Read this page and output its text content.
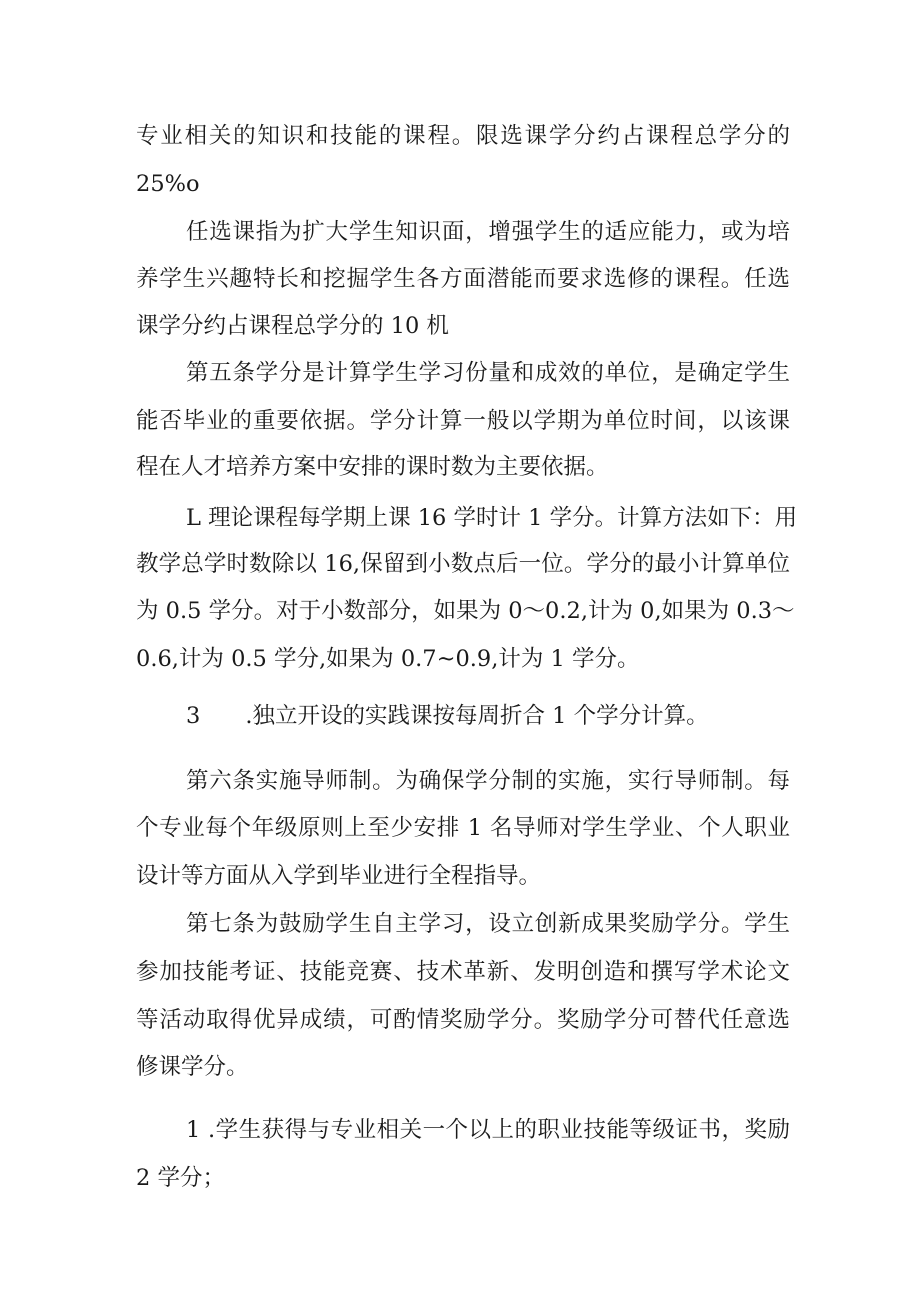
专业相关的知识和技能的课程。限选课学分约占课程总学分的
25%o
任选课指为扩大学生知识面，增强学生的适应能力，或为培
养学生兴趣特长和挖掘学生各方面潜能而要求选修的课程。任选
课学分约占课程总学分的 10 机
第五条学分是计算学生学习份量和成效的单位，是确定学生
能否毕业的重要依据。学分计算一般以学期为单位时间，以该课
程在人才培养方案中安排的课时数为主要依据。
L 理论课程每学期上课 16 学时计 1 学分。计算方法如下：用
教学总学时数除以 16,保留到小数点后一位。学分的最小计算单位
为 0.5 学分。对于小数部分，如果为 0～0.2,计为 0,如果为 0.3～
0.6,计为 0.5 学分,如果为 0.7~0.9,计为 1 学分。
3　　.独立开设的实践课按每周折合 1 个学分计算。
第六条实施导师制。为确保学分制的实施，实行导师制。每
个专业每个年级原则上至少安排 1 名导师对学生学业、个人职业
设计等方面从入学到毕业进行全程指导。
第七条为鼓励学生自主学习，设立创新成果奖励学分。学生
参加技能考证、技能竞赛、技术革新、发明创造和撰写学术论文
等活动取得优异成绩，可酌情奖励学分。奖励学分可替代任意选
修课学分。
1 .学生获得与专业相关一个以上的职业技能等级证书，奖励
2 学分；
